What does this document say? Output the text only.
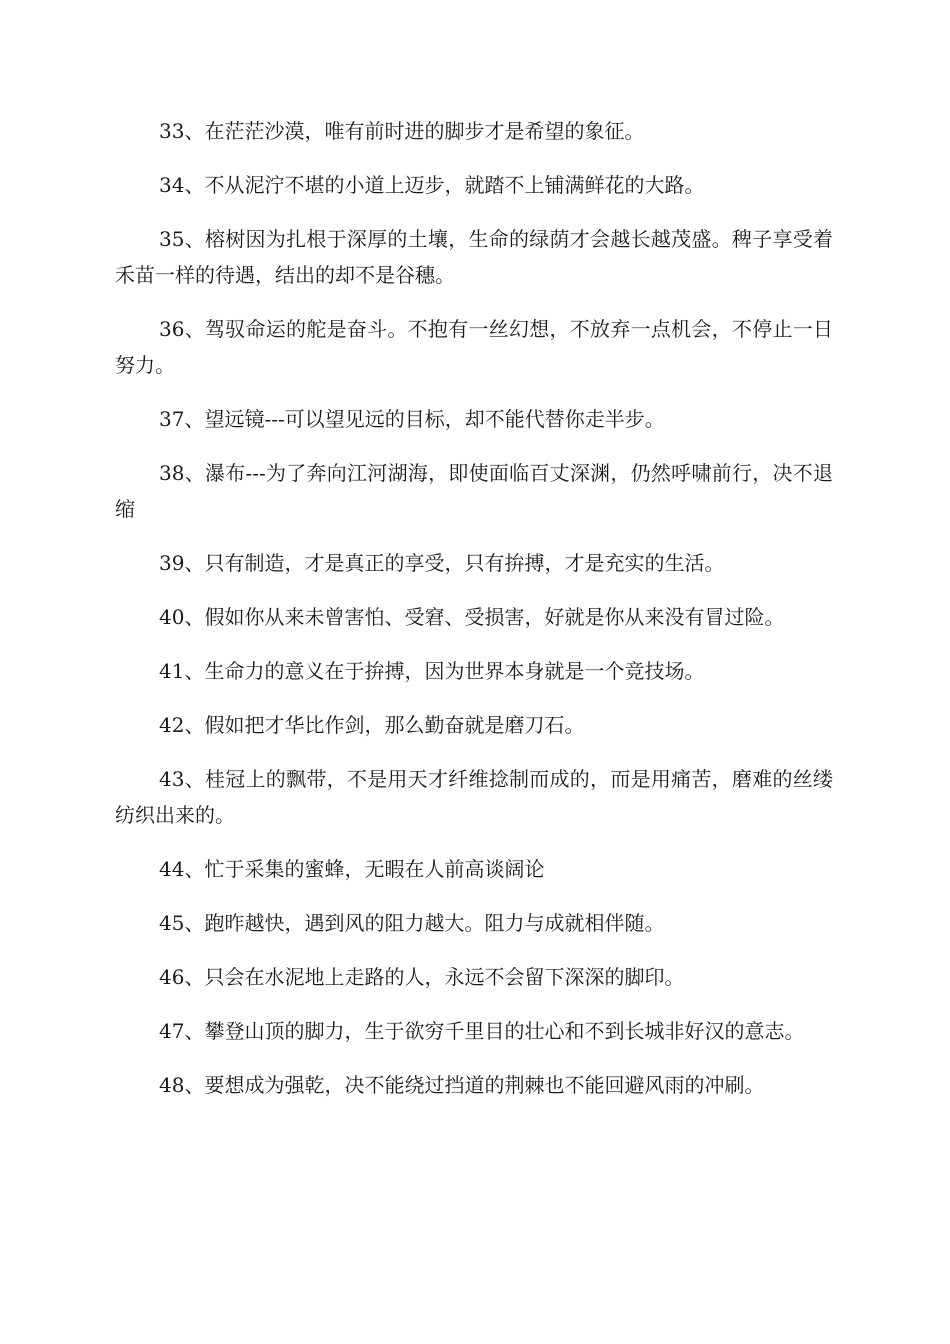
33、在茫茫沙漠，唯有前时进的脚步才是希望的象征。

34、不从泥泞不堪的小道上迈步，就踏不上铺满鲜花的大路。

35、榕树因为扎根于深厚的土壤，生命的绿荫才会越长越茂盛。稗子享受着禾苗一样的待遇，结出的却不是谷穗。

36、驾驭命运的舵是奋斗。不抱有一丝幻想，不放弃一点机会，不停止一日努力。

37、望远镜---可以望见远的目标，却不能代替你走半步。

38、瀑布---为了奔向江河湖海，即使面临百丈深渊，仍然呼啸前行，决不退缩

39、只有制造，才是真正的享受，只有拚搏，才是充实的生活。

40、假如你从来未曾害怕、受窘、受损害，好就是你从来没有冒过险。

41、生命力的意义在于拚搏，因为世界本身就是一个竞技场。

42、假如把才华比作剑，那么勤奋就是磨刀石。

43、桂冠上的飘带，不是用天才纤维捻制而成的，而是用痛苦，磨难的丝缕纺织出来的。

44、忙于采集的蜜蜂，无暇在人前高谈阔论

45、跑昨越快，遇到风的阻力越大。阻力与成就相伴随。

46、只会在水泥地上走路的人，永远不会留下深深的脚印。

47、攀登山顶的脚力，生于欲穷千里目的壮心和不到长城非好汉的意志。

48、要想成为强乾，决不能绕过挡道的荆棘也不能回避风雨的冲刷。
